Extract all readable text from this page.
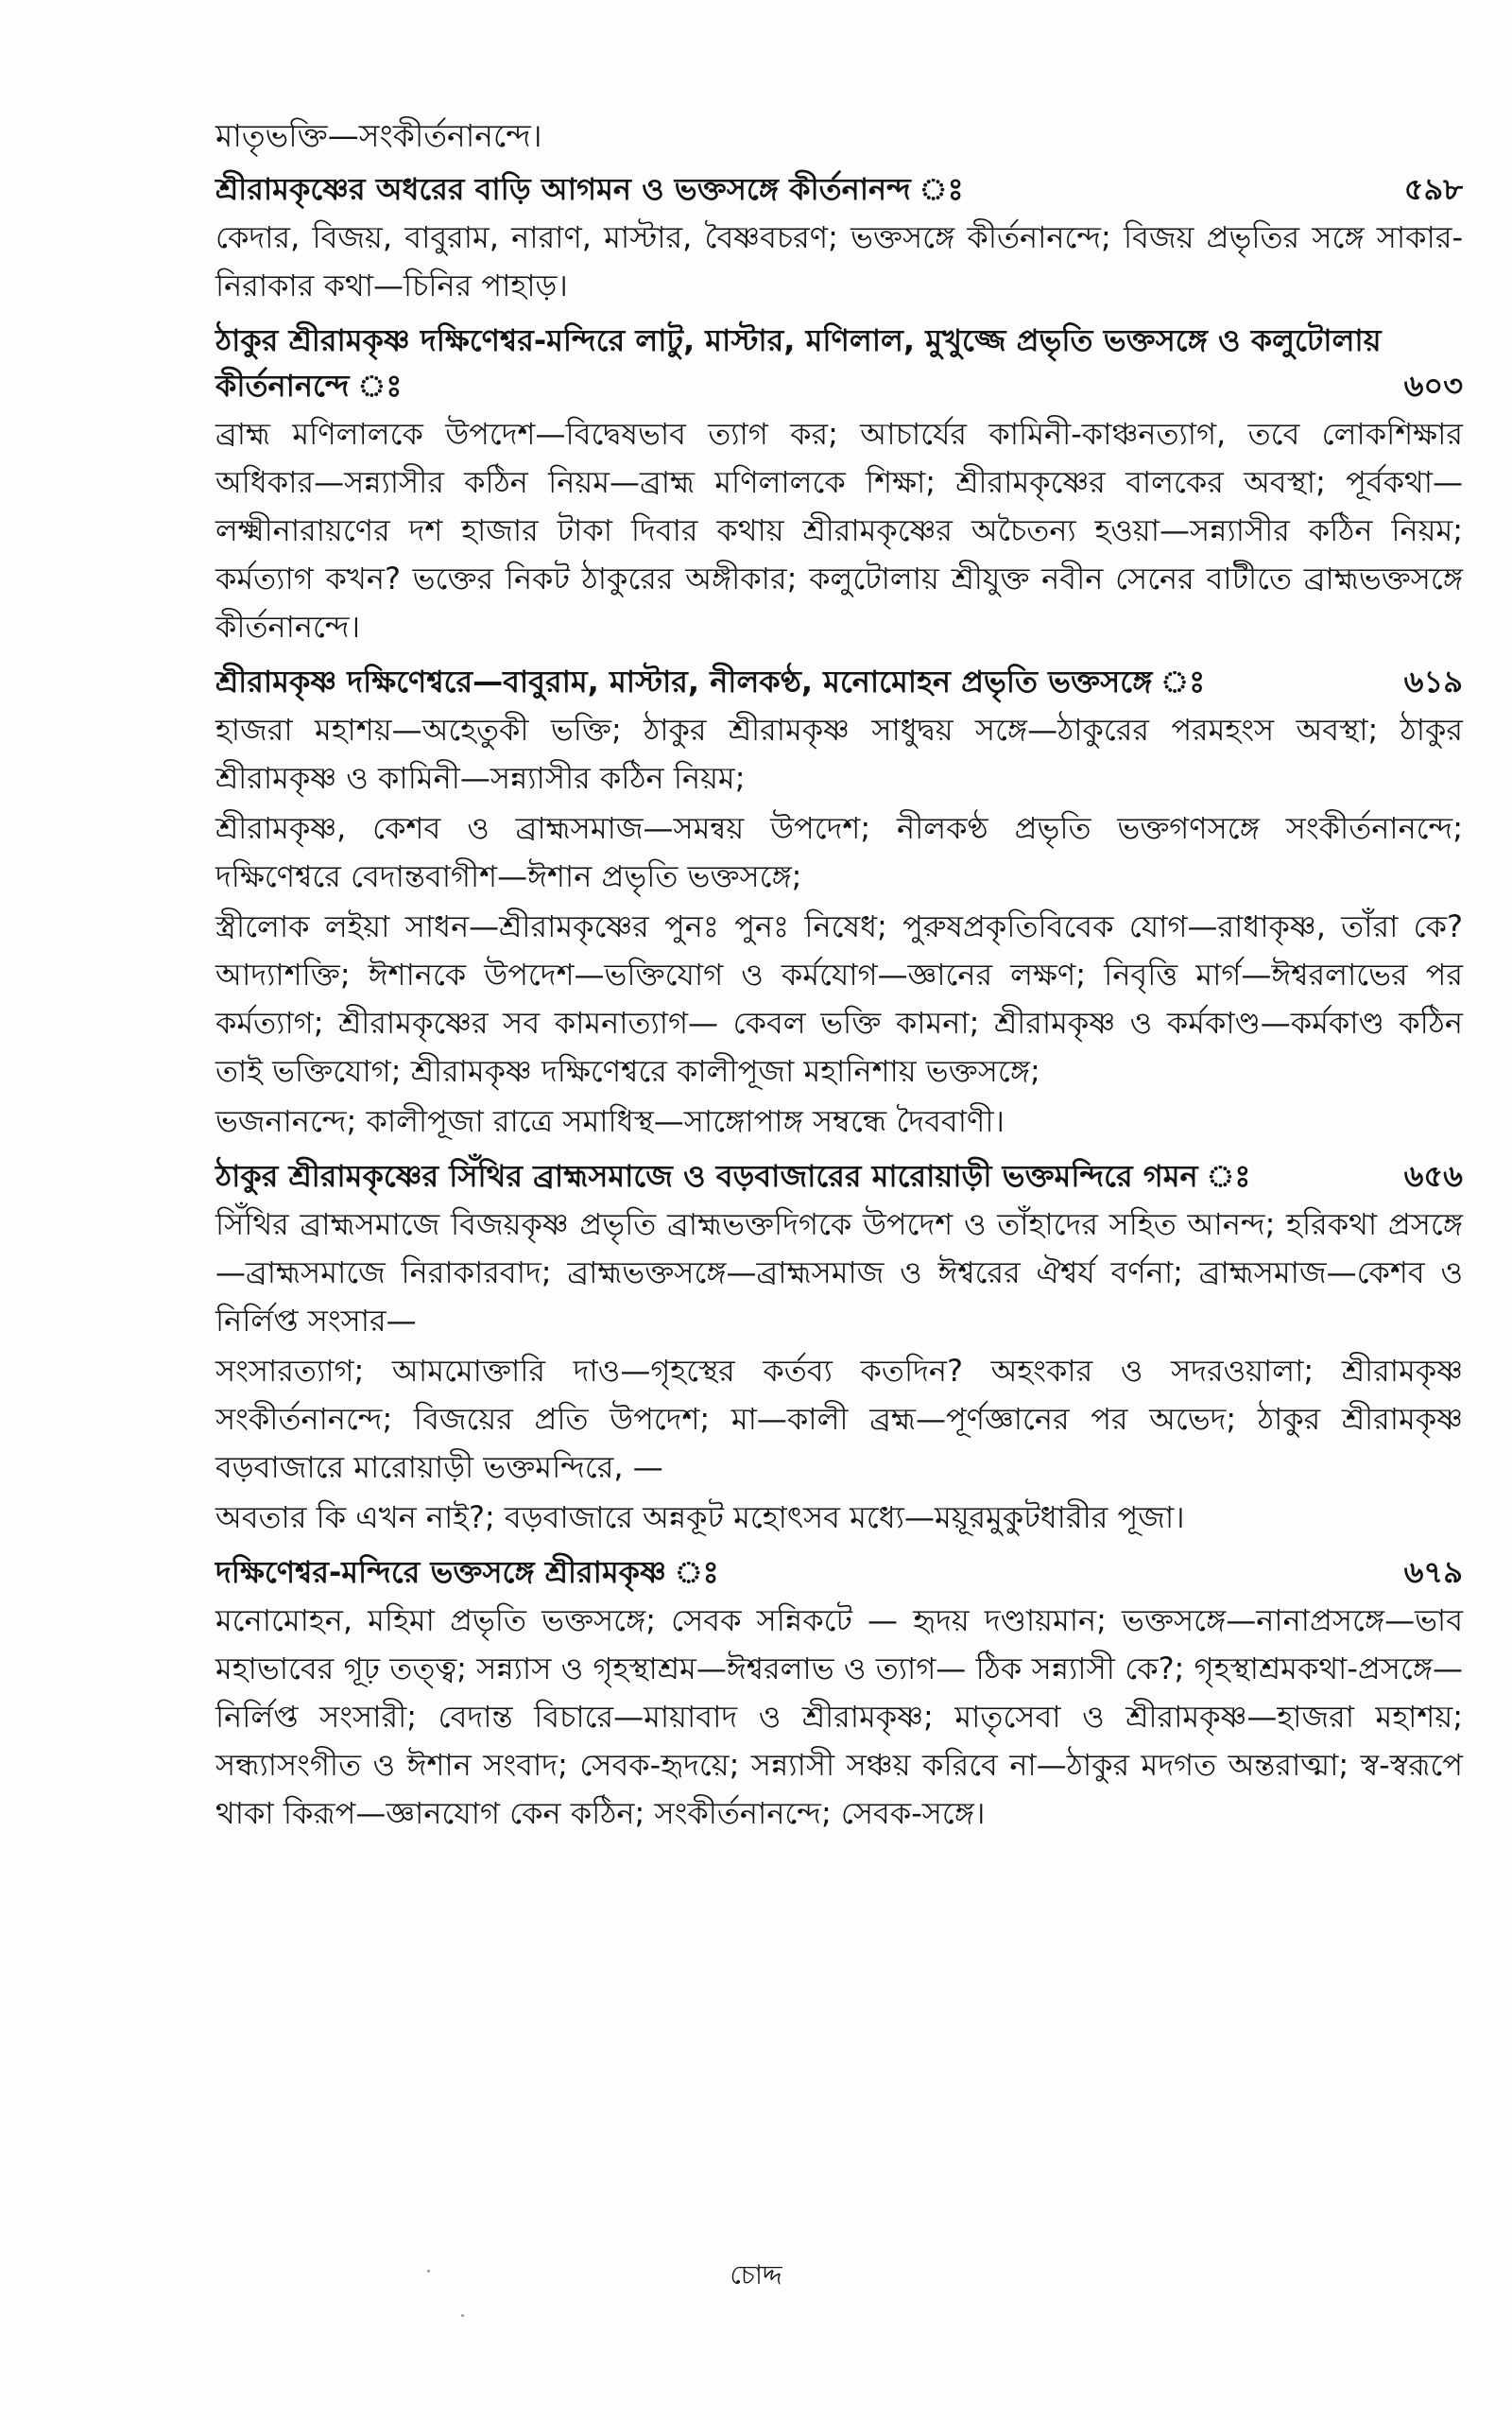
মাতৃভক্তি—সংকীর্তনানন্দে।

শ্রীরামকৃষ্ণের অধরের বাড়ি আগমন ও ভক্তসঙ্গে কীর্তনানন্দ ঃ	৫৯৮

কেদার, বিজয়, বাবুরাম, নারাণ, মাস্টার, বৈষ্ণবচরণ; ভক্তসঙ্গে কীর্তনানন্দে; বিজয় প্রভৃতির সঙ্গে সাকার-নিরাকার কথা—চিনির পাহাড়।

ঠাকুর শ্রীরামকৃষ্ণ দক্ষিণেশ্বর-মন্দিরে লাটু, মাস্টার, মণিলাল, মুখুজ্জে প্রভৃতি ভক্তসঙ্গে ও কলুটোলায় কীর্তনানন্দে ঃ	৬০৩

ব্রাহ্ম মণিলালকে উপদেশ—বিদ্বেষভাব ত্যাগ কর; আচার্যের কামিনী-কাঞ্চনত্যাগ, তবে লোকশিক্ষার অধিকার—সন্ন্যাসীর কঠিন নিয়ম—ব্রাহ্ম মণিলালকে শিক্ষা; শ্রীরামকৃষ্ণের বালকের অবস্থা; পূর্বকথা—লক্ষ্মীনারায়ণের দশ হাজার টাকা দিবার কথায় শ্রীরামকৃষ্ণের অচৈতন্য হওয়া—সন্ন্যাসীর কঠিন নিয়ম; কর্মত্যাগ কখন? ভক্তের নিকট ঠাকুরের অঙ্গীকার; কলুটোলায় শ্রীযুক্ত নবীন সেনের বাটীতে ব্রাহ্মভক্তসঙ্গে কীর্তনানন্দে।

শ্রীরামকৃষ্ণ দক্ষিণেশ্বরে—বাবুরাম, মাস্টার, নীলকণ্ঠ, মনোমোহন প্রভৃতি ভক্তসঙ্গে ঃ	৬১৯

হাজরা মহাশয়—অহেতুকী ভক্তি; ঠাকুর শ্রীরামকৃষ্ণ সাধুদ্বয় সঙ্গে—ঠাকুরের পরমহংস অবস্থা; ঠাকুর শ্রীরামকৃষ্ণ ও কামিনী—সন্ন্যাসীর কঠিন নিয়ম;

শ্রীরামকৃষ্ণ, কেশব ও ব্রাহ্মসমাজ—সমন্বয় উপদেশ; নীলকণ্ঠ প্রভৃতি ভক্তগণসঙ্গে সংকীর্তনানন্দে; দক্ষিণেশ্বরে বেদান্তবাগীশ—ঈশান প্রভৃতি ভক্তসঙ্গে;

স্ত্রীলোক লইয়া সাধন—শ্রীরামকৃষ্ণের পুনঃ পুনঃ নিষেধ; পুরুষপ্রকৃতিবিবেক যোগ—রাধাকৃষ্ণ, তাঁরা কে? আদ্যাশক্তি; ঈশানকে উপদেশ—ভক্তিযোগ ও কর্মযোগ—জ্ঞানের লক্ষণ; নিবৃত্তি মার্গ—ঈশ্বরলাভের পর কর্মত্যাগ; শ্রীরামকৃষ্ণের সব কামনাত্যাগ— কেবল ভক্তি কামনা; শ্রীরামকৃষ্ণ ও কর্মকাণ্ড—কর্মকাণ্ড কঠিন তাই ভক্তিযোগ; শ্রীরামকৃষ্ণ দক্ষিণেশ্বরে কালীপূজা মহানিশায় ভক্তসঙ্গে;

ভজনানন্দে; কালীপূজা রাত্রে সমাধিস্থ—সাঙ্গোপাঙ্গ সম্বন্ধে দৈববাণী।

ঠাকুর শ্রীরামকৃষ্ণের সিঁথির ব্রাহ্মসমাজে ও বড়বাজারের মারোয়াড়ী ভক্তমন্দিরে গমন ঃ	৬৫৬

সিঁথির ব্রাহ্মসমাজে বিজয়কৃষ্ণ প্রভৃতি ব্রাহ্মভক্তদিগকে উপদেশ ও তাঁহাদের সহিত আনন্দ; হরিকথা প্রসঙ্গে—ব্রাহ্মসমাজে নিরাকারবাদ; ব্রাহ্মভক্তসঙ্গে—ব্রাহ্মসমাজ ও ঈশ্বরের ঐশ্বর্য বর্ণনা; ব্রাহ্মসমাজ—কেশব ও নির্লিপ্ত সংসার—

সংসারত্যাগ; আমমোক্তারি দাও—গৃহস্থের কর্তব্য কতদিন? অহংকার ও সদরওয়ালা; শ্রীরামকৃষ্ণ সংকীর্তনানন্দে; বিজয়ের প্রতি উপদেশ; মা—কালী ব্রহ্ম—পূর্ণজ্ঞানের পর অভেদ; ঠাকুর শ্রীরামকৃষ্ণ বড়বাজারে মারোয়াড়ী ভক্তমন্দিরে, —

অবতার কি এখন নাই?; বড়বাজারে অন্নকূট মহোৎসব মধ্যে—ময়ূরমুকুটধারীর পূজা।

দক্ষিণেশ্বর-মন্দিরে ভক্তসঙ্গে শ্রীরামকৃষ্ণ ঃ	৬৭৯

মনোমোহন, মহিমা প্রভৃতি ভক্তসঙ্গে; সেবক সন্নিকটে — হৃদয় দণ্ডায়মান; ভক্তসঙ্গে—নানাপ্রসঙ্গে—ভাব মহাভাবের গূঢ় তত্ত্ব; সন্ন্যাস ও গৃহস্থাশ্রম—ঈশ্বরলাভ ও ত্যাগ— ঠিক সন্ন্যাসী কে?; গৃহস্থাশ্রমকথা-প্রসঙ্গে—নির্লিপ্ত সংসারী; বেদান্ত বিচারে—মায়াবাদ ও শ্রীরামকৃষ্ণ; মাতৃসেবা ও শ্রীরামকৃষ্ণ—হাজরা মহাশয়; সন্ধ্যাসংগীত ও ঈশান সংবাদ; সেবক-হৃদয়ে; সন্ন্যাসী সঞ্চয় করিবে না—ঠাকুর মদগত অন্তরাত্মা; স্ব-স্বরূপে থাকা কিরূপ—জ্ঞানযোগ কেন কঠিন; সংকীর্তনানন্দে; সেবক-সঙ্গে।

চোদ্দ
